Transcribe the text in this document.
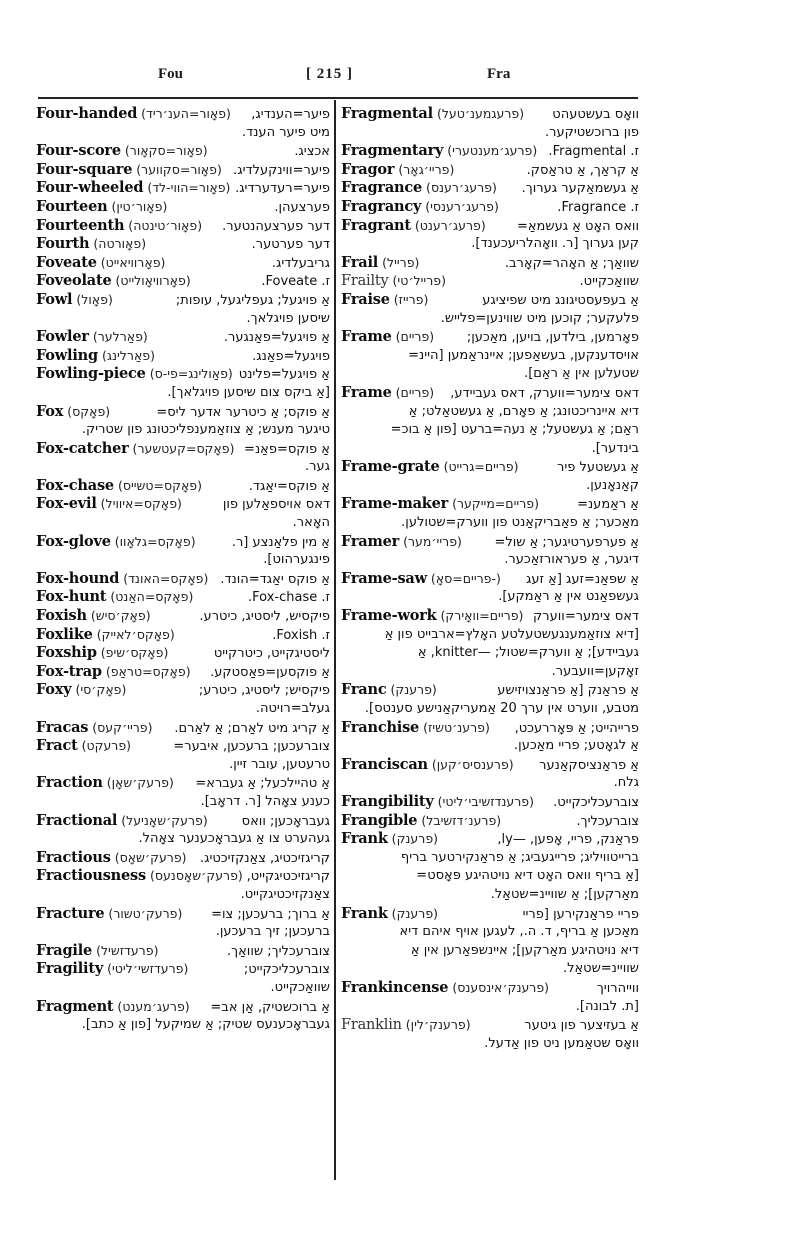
Fou	[ 215 ]	Fra
Four-handed (פאָור=הענ׳ריד)	פיער=הענדיג,
מיט פיער הענד.
Four-score (פאָור=סקאָור)	אכציג.
Four-square (פאָור=סקווער) פיער=ווינקעלדיג.
Four-wheeled (פאָור=הווי-לד) פיער=רעדערדיג.
Fourteen (פאָור׳טין)	פערצעהן.
Fourteenth (פאָור׳טינטה)	דער פערצעהנטער.
Fourth (פאָורטה)	דער פערטער.
Foveate (פאָרוויאייט)	גריבעלדיג.
Foveolate (פאָרוויאָולייט)	ז. Foveate.
Fowl (פאָול)	אַ פויגעל; געפליגעל, עופות;
שיסען פויגלאך.
Fowler (פאַרלער)	אַ פויגעל=פאַנגער.
Fowling (פאַרלינג)	פויגעל=פאַנג.
Fowling-piece (פאַולינג=פי-ס) אַ פויגעל=פלינט
[אַ ביקס צום שיסען פויגלאך].
Fox (פאָקס)	אַ פוקס; אַ כיטרער אדער ליס=
טיגער מענש; אַ צוזאַמענפליכטונג פון שטריק.
Fox-catcher (פאָקס=קעטשער) אַ פוקס=פאַנ=
גער.
Fox-chase (פאָקס=טשייס)	אַ פוקס=יאַגד.
Fox-evil (פאָקס=איוויל)	דאס אויספאַלען פון
האָאר.
Fox-glove (פאָקס=גלאָוו)	אַ מין פלאַנצע [ר.
פינגערהוט].
Fox-hound (פאָקס=האונד) אַ פוקס יאַגד=הונד.
Fox-hunt (פאָקס=האַנט)	ז. Fox-chase.
Foxish (פאָק׳סיש)	פיקסיש, ליסטיג, כיטרע.
Foxlike (פאָקס׳לאייק)	ז. Foxish.
Foxship (פאָקס׳שיפ)	ליסטיגקייט, כיטרקייט
Fox-trap (פאָקס=טראַפ)	אַ פוקסען=פאַסטקע.
Foxy (פאָק׳סי)	פיקסיש; ליסטיג, כיטרע;
געלב=רויטה.
Fracas (פריי׳קעס)	אַ קריג מיט לאַרם; אַ לאַרם.
Fract (פרעקט)	צוברעכען; ברעכען, איבער=
טרעטען, עובר זיין.
Fraction (פרעק׳שאָן)	אַ טהיילכעל; אַ געברא=
כענע צאָהל [ר. דראָב].
Fractional (פרעק׳שאָניעל)	געבראָכען; וואס
געהערט צו אַ געבראָכענער צאָהל.
Fractious (פרעק׳שאָס)	קריגזיכטיג, צאַנקזיכטיג.
Fractiousness (פרעק׳שאָסנעס) קריגזיכטיגקייט,
צאַנקזיכטיגקייט.
Fracture (פרעק׳טשור)	אַ ברוך; ברעכען; צו=
ברעכען; זיך ברעכען.
Fragile (פרעדזשיל)	צוברעכליך; שוואַך.
Fragility (פרעדזשי׳ליטי)	צוברעכליכקייט;
שוואַכקייט.
Fragment (פרעג׳מענט)	אַ ברוכשטיק, אַן אב=
געבראָכענעס שטיק; אַ שמיקעל [פון אַ כתב].
Fragmental (פרעגמענ׳טעל)	וואָס בעשטעהט
פון ברוכשטיקער.
Fragmentary (פרעג׳מענטערי) ז. Fragmental.
Fragor (פריי׳גאָר)	אַ קראַך, אַ טראַסק.
Fragrance (פרעג׳רענס)	אַ געשמאַקער גערוך.
Fragrancy (פרעג׳רענסי)	ז. Fragrance.
Fragrant (פרעג׳רענט)	וואס האָט אַ געשמאַ=
קען גערוך [ר. וואָהלריעכענד].
Frail (פרייל)	שוואַך; אַ האָהר=קאָרב.
Frailty (פרייל׳טי)	שוואַכקייט.
Fraise (פרייז)	אַ בעפעסטיגונג מיט שפיציגע
פלעקער; קוכען מיט שווינען=פלייש.
Frame (פריים)	פאָרמען, בילדען, בויען, מאַכען;
אויסדענקען, בעשאַפען; איינראַמען [היינ=
שטעלען אין אַ ראַם].
Frame (פריים)	דאס צימער=ווערק, דאס געביידע,
דיא איינריכטונג; אַ פאָרם, אַ געשטאַלט; אַ
ראַם; אַ געשטעל; אַ נעה=ברעט [פון אַ בוכ=
בינדער].
Frame-grate (פריים=גרייט)	אַ געשטעל פיר
קאַנאָנען.
Frame-maker (פריים=מייקער)	אַ ראַמענ=
מאַכער; אַ פאַבריקאַנט פון ווערק=שטולען.
Framer (פריי׳מער)	אַ פערפערטיגער; אַ שול=
דיגער, אַ פעראורזאַכער.
Frame-saw (פריים=סאָ-)	אַ שפּאַנ=זעג [אַ זעג
געשפאַנט אין אַ ראַמקע].
Frame-work (פריים=וואָירק) דאס צימער=ווערק
[דיא צוזאַמענגעשטעלטע האָלץ=ארבייט פון אַ
געביידע]; אַ ווערק=שטול; —knitter, אַ
זאָקען=וועבער.
Franc (פרענק)	אַ פראַנק [אַ פראַנצויזישע
מטבע, ווערט אין ערך 20 אַמעריקאַנישע סענטס].
Franchise (פרענ׳טשיז)	פרייהייט; אַ פּאָררעכט,
אַ לגאָטע; פריי מאַכען.
Franciscan (פרענסיס׳קען)	אַ פראַנציסקאַנער
גלח.
Frangibility (פרענדזשיבי׳ליטי)	צוברעכליכקייט.
Frangible (פרענ׳דזשיבל)	צוברעכליך.
Frank (פרענק)	פראַנק, פריי, אָפען, —ly,
ברייטוויליג; פרייגעביג; אַ פראַנקירטער בריף
[אַ בריף וואס האָט דיא נויטהיגע פּאָסט=
מאַרקען]; אַ שוויינ=שטאַל.
Frank (פרענק)	פריי פראַנקירען [פריי
מאַכען אַ בריף, ד. ה., לעגען אויף איהם דיא
דיא נויטהיגע מאַרקען]; איינשפּאַרען אין אַ
שוויינ=שטאַל.
Frankincense (פרענק׳אינסענס)	ווייהרויך
[ת. לבונה].
Franklin (פרענק׳לין)	אַ בעזיצער פון גיטער
וואָס שטאַמען ניט פון אַדעל.
